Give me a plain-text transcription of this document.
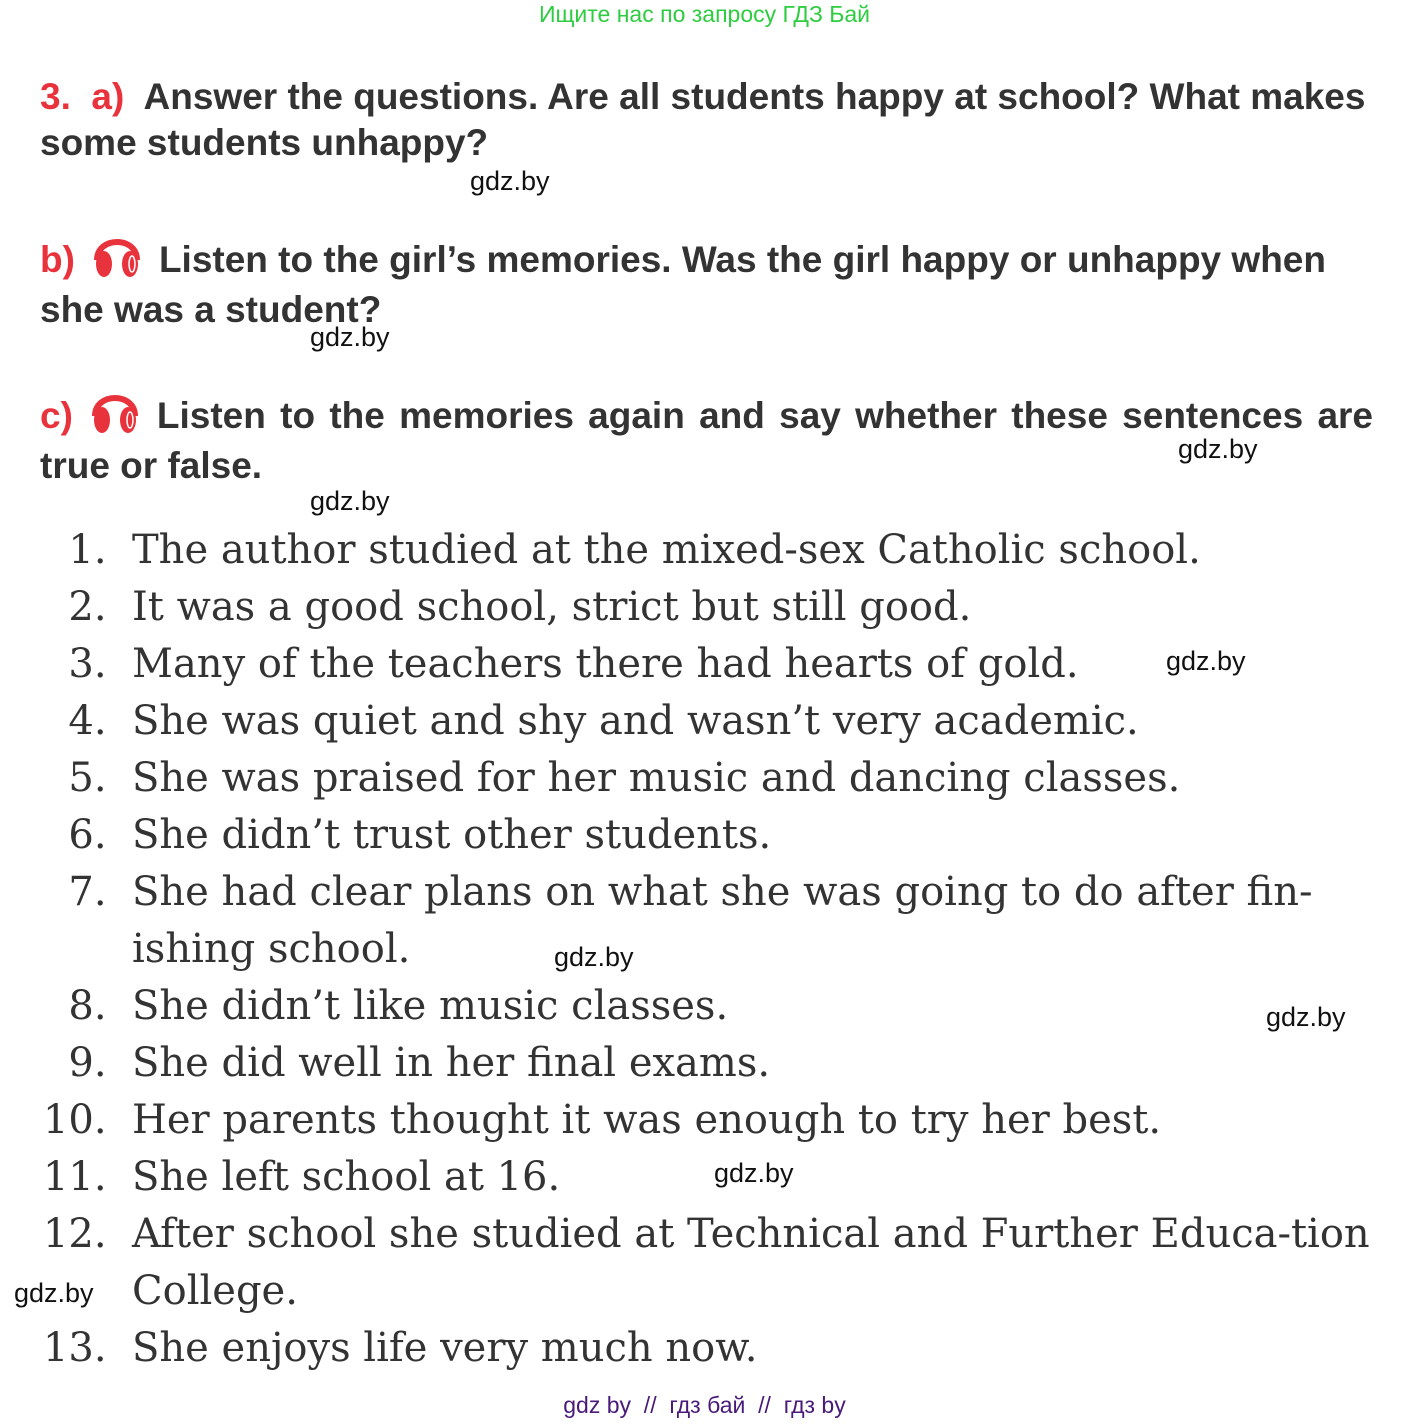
Ищите нас по запросу ГДЗ Бай
3. a) Answer the questions. Are all students happy at school? What makes some students unhappy?
gdz.by
b) Listen to the girl’s memories. Was the girl happy or unhappy when she was a student?
gdz.by
c) Listen to the memories again and say whether these sentences are true or false.	gdz.by
gdz.by
1.
The author studied at the mixed-sex Catholic school.
2.
It was a good school, strict but still good.
3.
Many of the teachers there had hearts of gold.
4.
She was quiet and shy and wasn’t very academic.
5.
She was praised for her music and dancing classes.
6.
She didn’t trust other students.
7.
She had clear plans on what she was going to do after fin-ishing school.
8.
She didn’t like music classes.
9.
She did well in her final exams.
10.
Her parents thought it was enough to try her best.
11.
She left school at 16.
12.
After school she studied at Technical and Further Educa-tion College.
13.
She enjoys life very much now.
gdz.by
gdz.by
gdz.by
gdz.by
gdz.by
gdz by  //  гдз бай  //  гдз by
